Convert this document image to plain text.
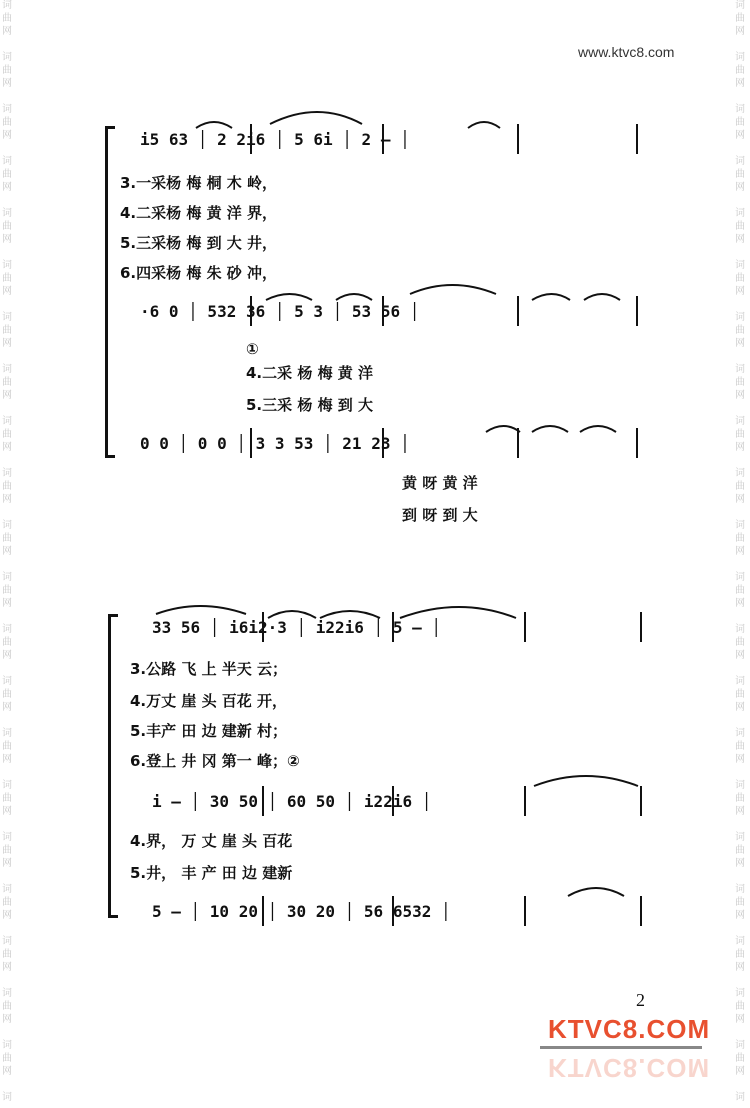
词
曲
网
词
曲
网
词
曲
网
词
曲
网
词
曲
网
词
曲
网
词
曲
网
词
曲
网
词
曲
网
词
曲
网
词
曲
网
词
曲
网
词
曲
网
词
曲
网
词
曲
网
词
曲
网
词
曲
网
词
曲
网
词
曲
网
词
曲
网
词
曲
网
词
词
曲
网
词
曲
网
词
曲
网
词
曲
网
词
曲
网
词
曲
网
词
曲
网
词
曲
网
词
曲
网
词
曲
网
词
曲
网
词
曲
网
词
曲
网
词
曲
网
词
曲
网
词
曲
网
词
曲
网
词
曲
网
词
曲
网
词
曲
网
词
曲
网
词
www.ktvc8.com
i5 63 │ 2 2i6 │ 5 6i │ 2 — │
3.一采杨 梅 桐 木 岭，
4.二采杨 梅 黄 洋 界，
5.三采杨 梅 到 大 井，
6.四采杨 梅 朱 砂 冲，
·6 0 │ 532 36 │ 5 3 │ 53 56 │
①
4.二采 杨 梅 黄 洋
5.三采 杨 梅 到 大
0 0 │ 0 0 │ 3 3 53 │ 21 23 │
黄 呀 黄 洋
到 呀 到 大
33 56 │ i6i2·3 │ i22i6 │ 5 — │
3.公路 飞 上 半天 云；
4.万丈 崖 头 百花 开，
5.丰产 田 边 建新 村；
6.登上 井 冈 第一 峰；②
i — │ 30 50 │ 60 50 │ i22i6 │
4.界， 万 丈 崖 头 百花
5.井， 丰 产 田 边 建新
5 — │ 10 20 │ 30 20 │ 56 6532 │
2
KTVC8.COM
KTVC8.COM
